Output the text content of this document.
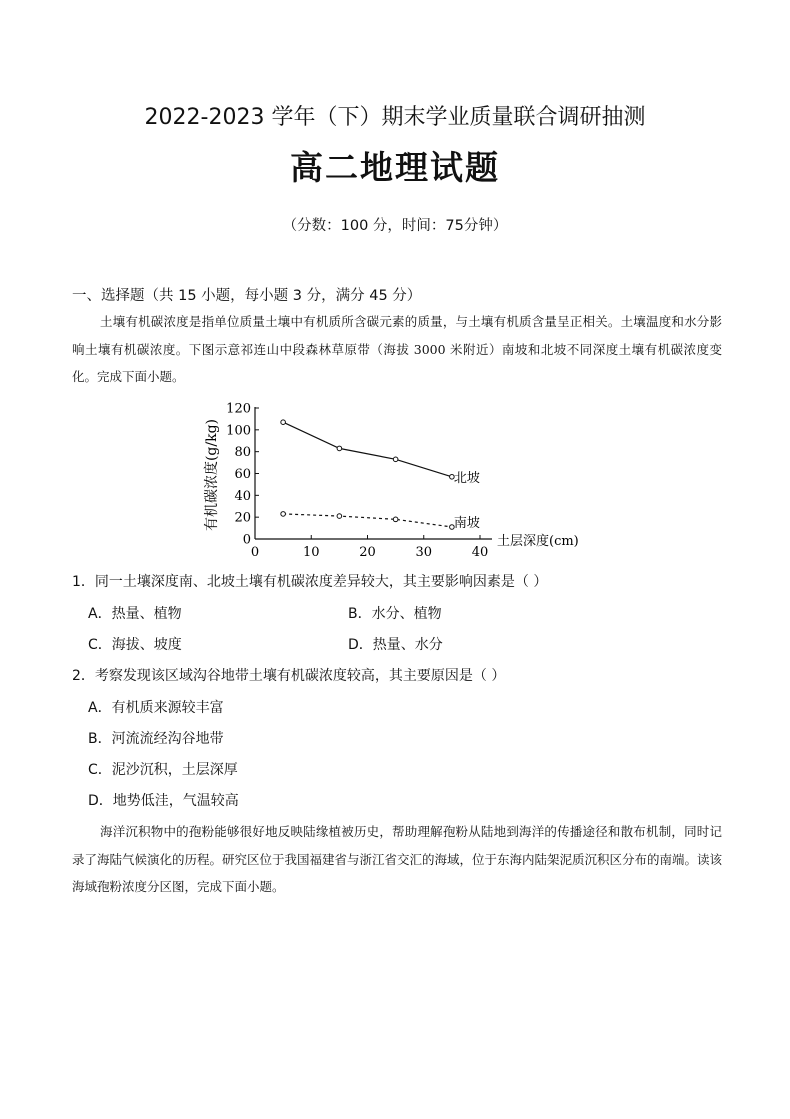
2022-2023 学年（下）期末学业质量联合调研抽测
高二地理试题
（分数：100 分，时间：75分钟）
一、选择题（共 15 小题，每小题 3 分，满分 45 分）
土壤有机碳浓度是指单位质量土壤中有机质所含碳元素的质量，与土壤有机质含量呈正相关。土壤温度和水分影响土壤有机碳浓度。下图示意祁连山中段森林草原带（海拔 3000 米附近）南坡和北坡不同深度土壤有机碳浓度变化。完成下面小题。
0
20
40
60
80
100
120
0	10	20	30	40
北坡
南坡
有机碳浓度(g/kg)
土层深度(cm)
1．同一土壤深度南、北坡土壤有机碳浓度差异较大，其主要影响因素是（ ）
A．热量、植物	B．水分、植物
C．海拔、坡度	D．热量、水分
2．考察发现该区域沟谷地带土壤有机碳浓度较高，其主要原因是（ ）
A．有机质来源较丰富
B．河流流经沟谷地带
C．泥沙沉积，土层深厚
D．地势低洼，气温较高
海洋沉积物中的孢粉能够很好地反映陆缘植被历史，帮助理解孢粉从陆地到海洋的传播途径和散布机制，同时记录了海陆气候演化的历程。研究区位于我国福建省与浙江省交汇的海域，位于东海内陆架泥质沉积区分布的南端。读该海域孢粉浓度分区图，完成下面小题。
